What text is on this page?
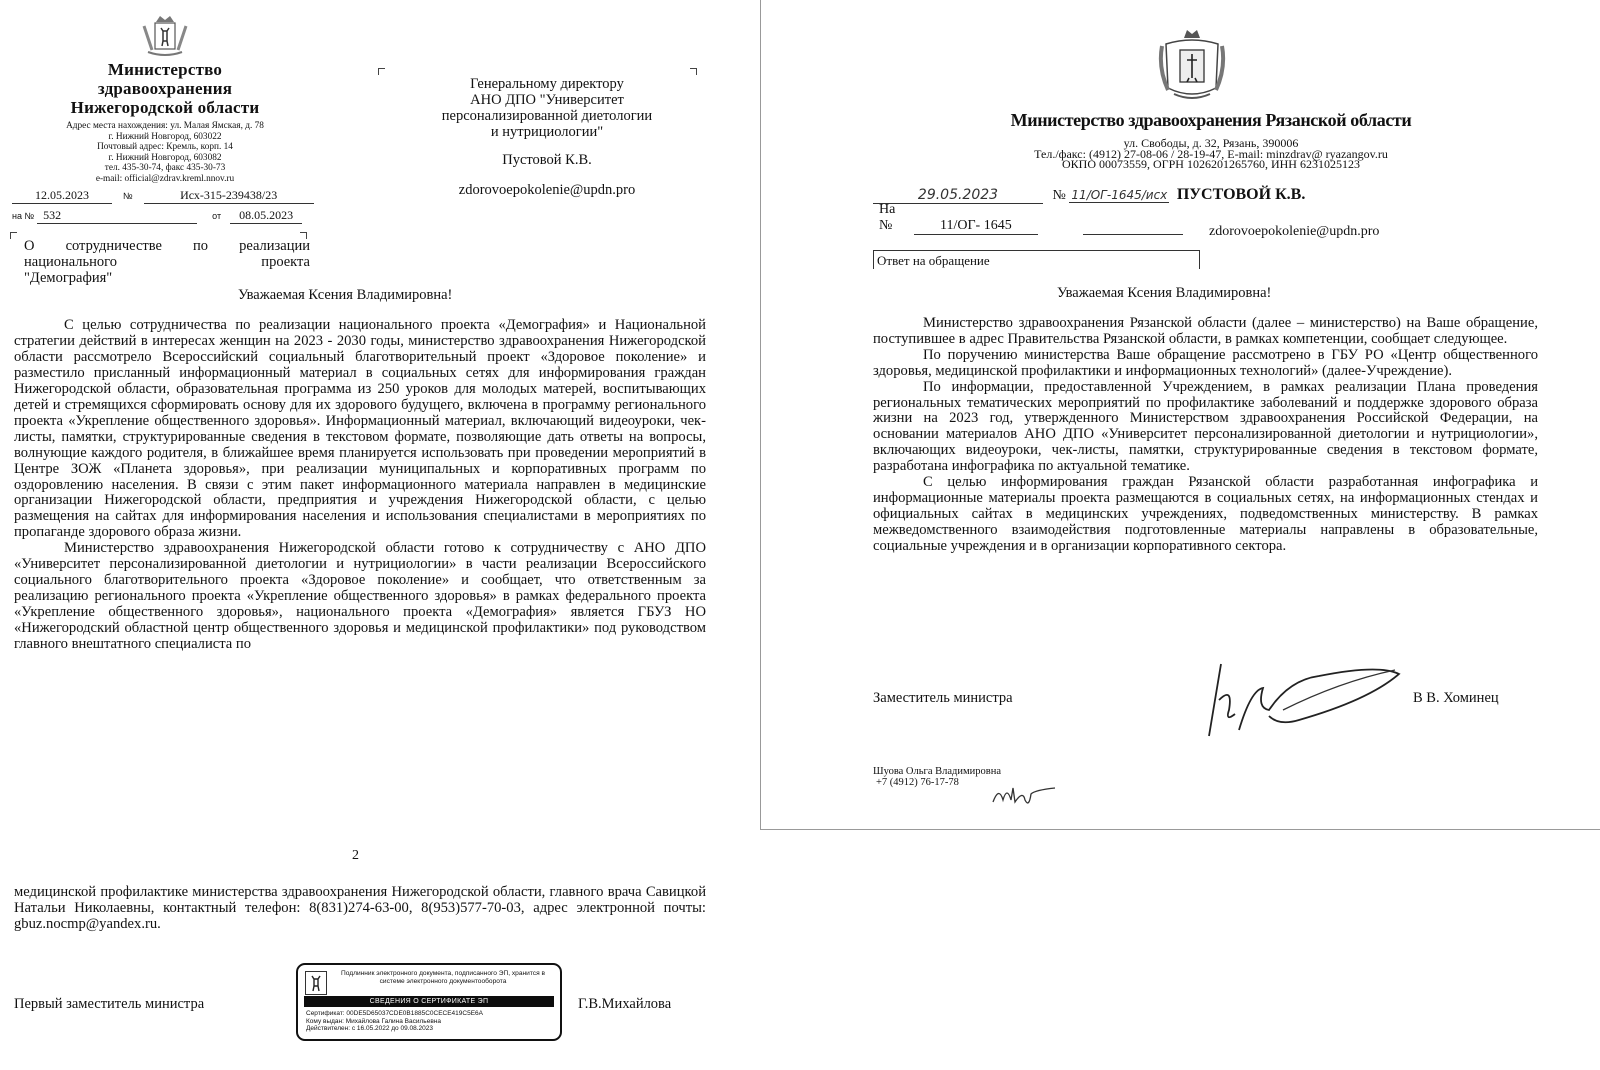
Министерство
здравоохранения
Нижегородской области
Адрес места нахождения: ул. Малая Ямская, д. 78
г. Нижний Новгород, 603022
Почтовый адрес: Кремль, корп. 14
г. Нижний Новгород, 603082
тел. 435-30-74, факс 435-30-73
e-mail: official@zdrav.kreml.nnov.ru
12.05.2023	№	Исх-315-239438/23
на № 532	от 08.05.2023
Генеральному директору
АНО ДПО "Университет
персонализированной диетологии
и нутрициологии"
Пустовой К.В.
zdorovoepokolenie@updn.pro
О сотрудничестве по реализации
национального проекта
"Демография"
Уважаемая Ксения Владимировна!

С целью сотрудничества по реализации национального проекта «Демография» и Национальной стратегии действий в интересах женщин на 2023 - 2030 годы, министерство здравоохранения Нижегородской области рассмотрело Всероссийский социальный благотворительный проект «Здоровое поколение» и разместило присланный информационный материал в социальных сетях для информирования граждан Нижегородской области, образовательная программа из 250 уроков для молодых матерей, воспитывающих детей и стремящихся сформировать основу для их здорового будущего, включена в программу регионального проекта «Укрепление общественного здоровья». Информационный материал, включающий видеоуроки, чек-листы, памятки, структурированные сведения в текстовом формате, позволяющие дать ответы на вопросы, волнующие каждого родителя, в ближайшее время планируется использовать при проведении мероприятий в Центре ЗОЖ «Планета здоровья», при реализации муниципальных и корпоративных программ по оздоровлению населения. В связи с этим пакет информационного материала направлен в медицинские организации Нижегородской области, предприятия и учреждения Нижегородской области, с целью размещения на сайтах для информирования населения и использования специалистами в мероприятиях по пропаганде здорового образа жизни.

Министерство здравоохранения Нижегородской области готово к сотрудничеству с АНО ДПО «Университет персонализированной диетологии и нутрициологии» в части реализации Всероссийского социального благотворительного проекта «Здоровое поколение» и сообщает, что ответственным за реализацию регионального проекта «Укрепление общественного здоровья» в рамках федерального проекта «Укрепление общественного здоровья», национального проекта «Демография» является ГБУЗ НО «Нижегородский областной центр общественного здоровья и медицинской профилактики» под руководством главного внештатного специалиста по

2

медицинской профилактике министерства здравоохранения Нижегородской области, главного врача Савицкой Натальи Николаевны, контактный телефон: 8(831)274-63-00, 8(953)577-70-03, адрес электронной почты: gbuz.nocmp@yandex.ru.

Первый заместитель министра	Г.В.Михайлова
Подлинник электронного документа, подписанного ЭП, хранится в системе электронного документооборота
СВЕДЕНИЯ О СЕРТИФИКАТЕ ЭП
Сертификат: 00DE5D65037CDE0B1885C0CECE419C5E6A
Кому выдан: Михайлова Галина Васильевна
Действителен: с 16.05.2022 до 09.08.2023
Министерство здравоохранения Рязанской области
ул. Свободы, д. 32, Рязань, 390006
Тел./факс: (4912) 27-08-06 / 28-19-47, E-mail: minzdrav@ ryazangov.ru
ОКПО 00073559, ОГРН 1026201265760, ИНН 6231025123
29.05.2023	№ 11/ОГ-1645/исх ПУСТОВОЙ К.В.
На
№	11/ОГ- 1645	zdorovoepokolenie@updn.pro
Ответ на обращение
Уважаемая Ксения Владимировна!

Министерство здравоохранения Рязанской области (далее – министерство) на Ваше обращение, поступившее в адрес Правительства Рязанской области, в рамках компетенции, сообщает следующее.

По поручению министерства Ваше обращение рассмотрено в ГБУ РО «Центр общественного здоровья, медицинской профилактики и информационных технологий» (далее-Учреждение).

По информации, предоставленной Учреждением, в рамках реализации Плана проведения региональных тематических мероприятий по профилактике заболеваний и поддержке здорового образа жизни на 2023 год, утвержденного Министерством здравоохранения Российской Федерации, на основании материалов АНО ДПО «Университет персонализированной диетологии и нутрициологии», включающих видеоуроки, чек-листы, памятки, структурированные сведения в текстовом формате, разработана инфографика по актуальной тематике.

С целью информирования граждан Рязанской области разработанная инфографика и информационные материалы проекта размещаются в социальных сетях, на информационных стендах и официальных сайтах в медицинских учреждениях, подведомственных министерству. В рамках межведомственного взаимодействия подготовленные материалы направлены в образовательные, социальные учреждения и в организации корпоративного сектора.

Заместитель министра	В В. Хоминец
Шуова Ольга Владимировна
+7 (4912) 76-17-78
